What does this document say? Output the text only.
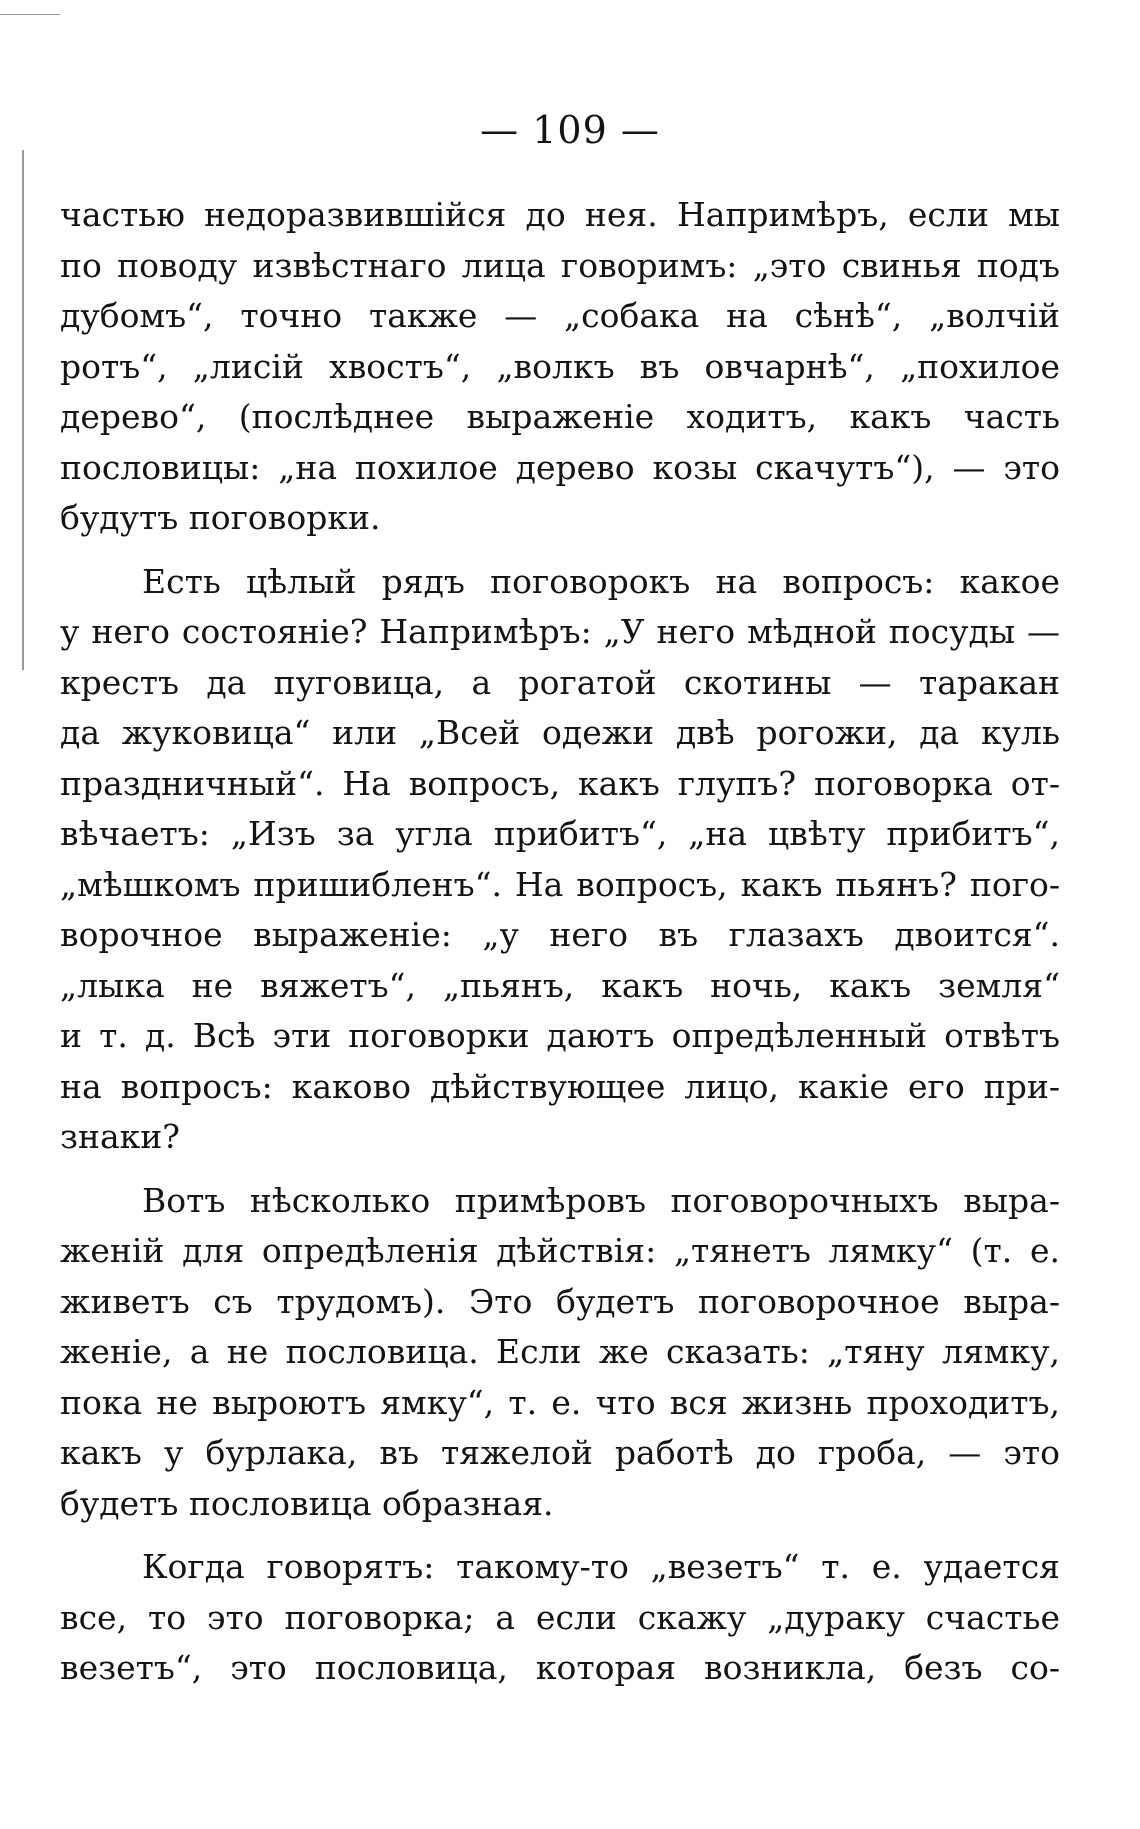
— 109 —
частью недоразвившійся до нея. Напримѣръ, если мы
по поводу извѣстнаго лица говоримъ: „это свинья подъ
дубомъ“, точно также — „собака на сѣнѣ“, „волчій
ротъ“, „лисій хвостъ“, „волкъ въ овчарнѣ“, „похилое
дерево“, (послѣднее выраженіе ходитъ, какъ часть
пословицы: „на похилое дерево козы скачутъ“), — это
будутъ поговорки.
Есть цѣлый рядъ поговорокъ на вопросъ: какое
у него состояніе? Напримѣръ: „У него мѣдной посуды —
крестъ да пуговица, а рогатой скотины — таракан
да жуковица“ или „Всей одежи двѣ рогожи, да куль
праздничный“. На вопросъ, какъ глупъ? поговорка от-
вѣчаетъ: „Изъ за угла прибитъ“, „на цвѣту прибитъ“,
„мѣшкомъ пришибленъ“. На вопросъ, какъ пьянъ? пого-
ворочное выраженіе: „у него въ глазахъ двоится“.
„лыка не вяжетъ“, „пьянъ, какъ ночь, какъ земля“
и т. д. Всѣ эти поговорки даютъ опредѣленный отвѣтъ
на вопросъ: каково дѣйствующее лицо, какіе его при-
знаки?
Вотъ нѣсколько примѣровъ поговорочныхъ выра-
женій для опредѣленія дѣйствія: „тянетъ лямку“ (т. е.
живетъ съ трудомъ). Это будетъ поговорочное выра-
женіе, а не пословица. Если же сказать: „тяну лямку,
пока не выроютъ ямку“, т. е. что вся жизнь проходитъ,
какъ у бурлака, въ тяжелой работѣ до гроба, — это
будетъ пословица образная.
Когда говорятъ: такому-то „везетъ“ т. е. удается
все, то это поговорка; а если скажу „дураку счастье
везетъ“, это пословица, которая возникла, безъ со-
